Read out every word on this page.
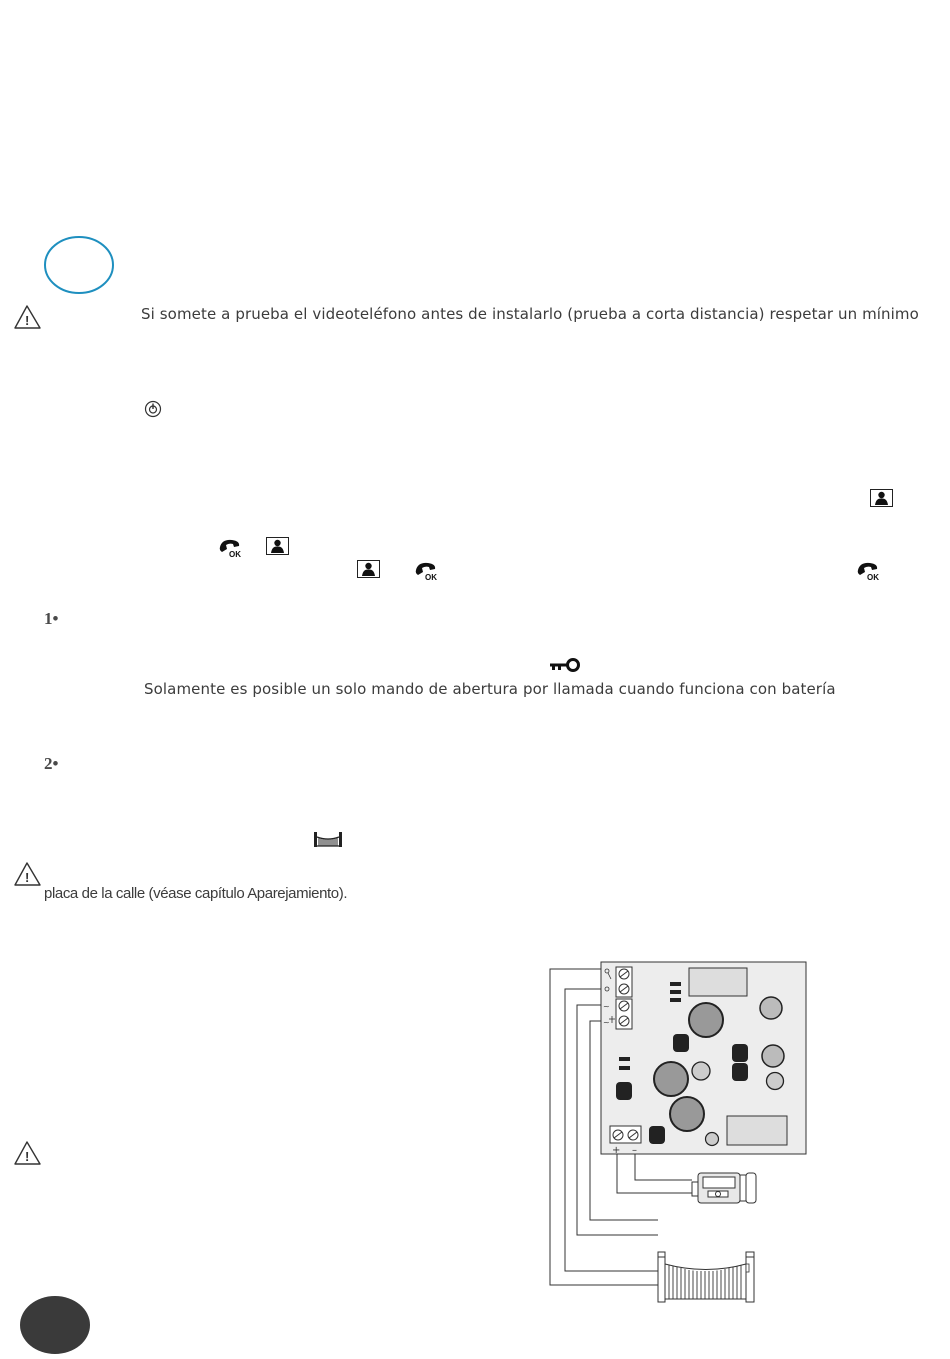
!	Si somete a prueba el videoteléfono antes de instalarlo (prueba a corta distancia) respetar un mínimo
OK
OK	OK
1•
Solamente es posible un solo mando de abertura por llamada cuando funciona con batería
2•
!
placa de la calle (véase capítulo Aparejamiento).
!
~
~
+ –
